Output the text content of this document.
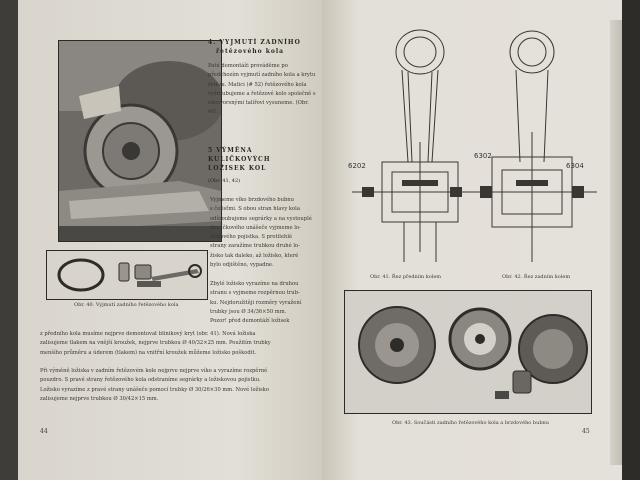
4. VYJMUTÍ ZADNÍHO
řetězového kola

Patú demontáži prováděme po předchozím vyjmutí zadního kola a krytu řetězu. Matici (# 52) řetězového kola vyšroubujeme a řetězové kolo společně s ekosvorsnými talířovi vysuneme. (Obr. 40).

5 VÝMĚNA
KULIČKOVÝCH
LOŽISEK KOL
(Obr. 41, 42)

Vyjmeme víko brzdového bubnu

s čelisťmi. S obou stran hlavy kola

odšroubujeme segrárky a na vystouplé

dvoučkového unášeče vyjmeme lo-

žiskového pojistka. S protilehlé

strany zaražíme trubkou druhé lo-

žisko tak daleko, až ložisko, které

bylo odjištěno, vypadne.

Obr. 40. Vyjmutí zadního řetězového kola

Zbylé ložisko vyrazíme na druhou

stranu s vyjmeme rozpěrnou trub-

ku. Nejdoružitěji rozměry vyražení

trubky jsou Ø 34/36×50 mm.

Pozor! před demontáží ložisek

z předního kola musíme nejprve demontovat blinikový kryt (obr. 41). Nová ložiska

zalisujeme tlakem na vnější kroužek, nejprve trubkou Ø 40/32×25 mm. Použitím trubky

menšího průměru a úderem (tlakem) na vnitřní kroužek můžeme ložisko poškodit.

Při výměně ložiska v zadním řetězovém kole nejprve nejprve víko a vyrazíme rozpěrné

pouzdro. S pravé strany řetězového kola odstraníme segrárky a ložiskovou pojistku.

Ložisko vyrazíme z pravé strany unášeče pomocí trubky Ø 30/26×30 mm. Nové ložisko

zalisujeme nejprve trubkou Ø 30/42×15 mm.

44
6202
Obr. 41. Řez předním kolem
6302
6304
Obr. 42. Řez zadním kolem
Obr. 43. Součásti zadního řetězového kola a brzdového bubnu
45
